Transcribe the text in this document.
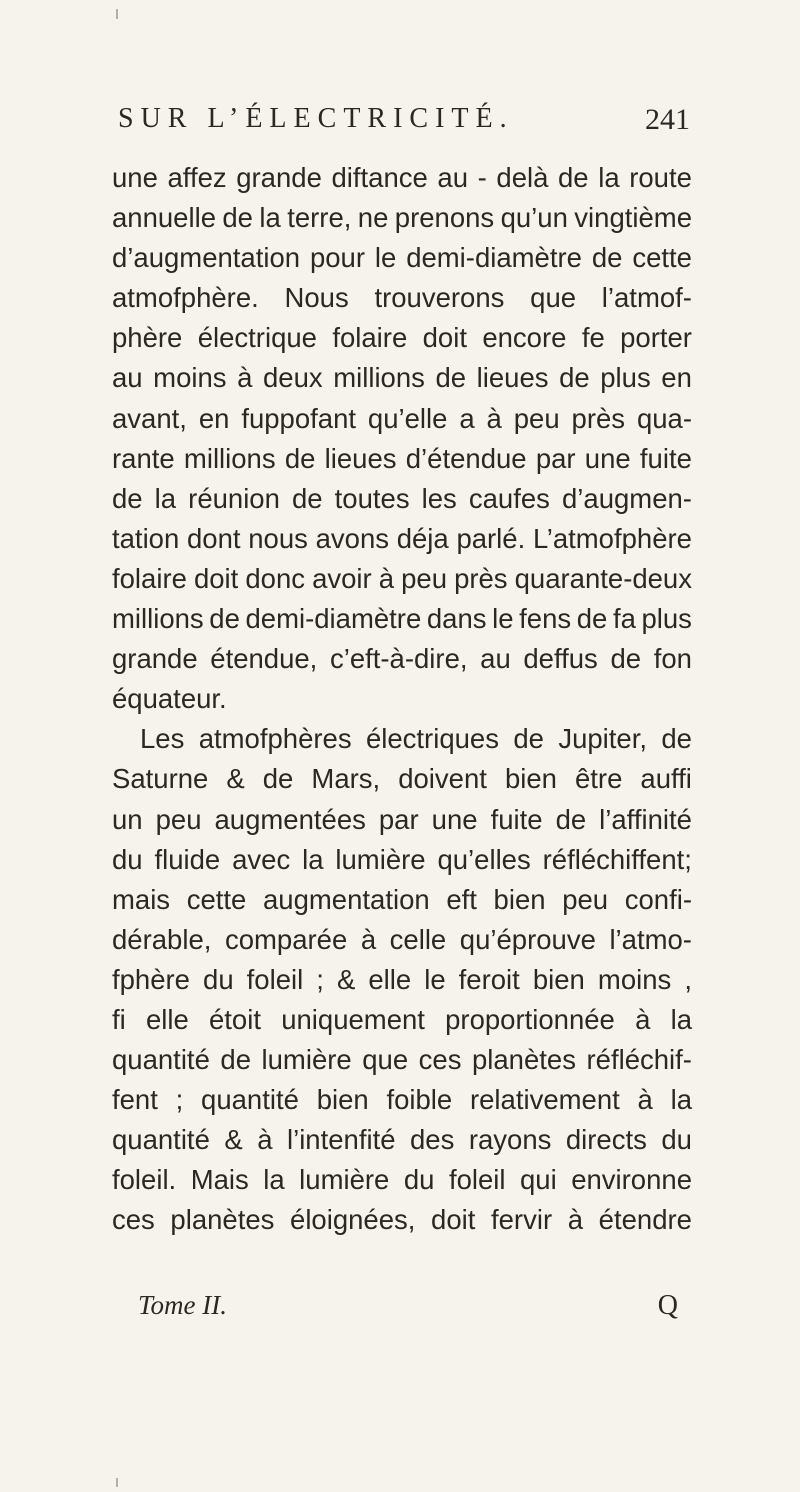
SUR L’ÉLECTRICITÉ.	241
une affez grande diftance au - delà de la route
annuelle de la terre, ne prenons qu’un vingtième
d’augmentation pour le demi-diamètre de cette
atmofphère. Nous trouverons que l’atmof-
phère électrique folaire doit encore fe porter
au moins à deux millions de lieues de plus en
avant, en fuppofant qu’elle a à peu près qua-
rante millions de lieues d’étendue par une fuite
de la réunion de toutes les caufes d’augmen-
tation dont nous avons déja parlé. L’atmofphère
folaire doit donc avoir à peu près quarante-deux
millions de demi-diamètre dans le fens de fa plus
grande étendue, c’eft-à-dire, au deffus de fon
équateur.
Les atmofphères électriques de Jupiter, de
Saturne & de Mars, doivent bien être auffi
un peu augmentées par une fuite de l’affinité
du fluide avec la lumière qu’elles réfléchiffent;
mais cette augmentation eft bien peu confi-
dérable, comparée à celle qu’éprouve l’atmo-
fphère du foleil ; & elle le feroit bien moins ,
fi elle étoit uniquement proportionnée à la
quantité de lumière que ces planètes réfléchif-
fent ; quantité bien foible relativement à la
quantité & à l’intenfité des rayons directs du
foleil. Mais la lumière du foleil qui environne
ces planètes éloignées, doit fervir à étendre
Tome II.	Q
